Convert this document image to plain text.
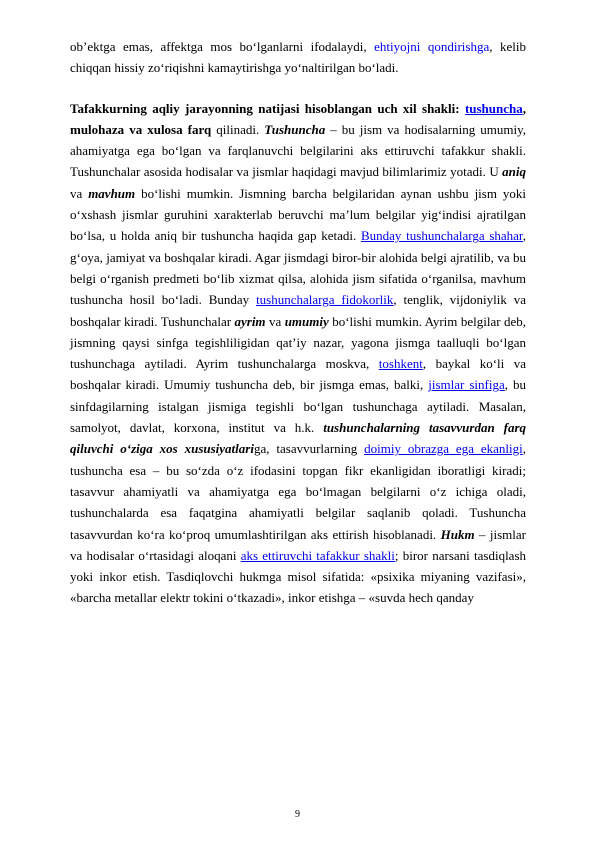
ob’ektga emas, affektga mos bo‘lganlarni ifodalaydi, ehtiyojni qondirishga, kelib chiqqan hissiy zo‘riqishni kamaytirishga yo‘naltirilgan bo‘ladi.

Tafakkurning aqliy jarayonning natijasi hisoblangan uch xil shakli: tushuncha, mulohaza va xulosa farq qilinadi. Tushuncha – bu jism va hodisalarning umumiy, ahamiyatga ega bo‘lgan va farqlanuvchi belgilarini aks ettiruvchi tafakkur shakli. Tushunchalar asosida hodisalar va jismlar haqidagi mavjud bilimlarimiz yotadi. U aniq va mavhum bo‘lishi mumkin. Jismning barcha belgilaridan aynan ushbu jism yoki o‘xshash jismlar guruhini xarakterlab beruvchi ma’lum belgilar yig‘indisi ajratilgan bo‘lsa, u holda aniq bir tushuncha haqida gap ketadi. Bunday tushunchalarga shahar, g‘oya, jamiyat va boshqalar kiradi. Agar jismdagi biror-bir alohida belgi ajratilib, va bu belgi o‘rganish predmeti bo‘lib xizmat qilsa, alohida jism sifatida o‘rganilsa, mavhum tushuncha hosil bo‘ladi. Bunday tushunchalarga fidokorlik, tenglik, vijdoniylik va boshqalar kiradi. Tushunchalar ayrim va umumiy bo‘lishi mumkin. Ayrim belgilar deb, jismning qaysi sinfga tegishliligidan qat’iy nazar, yagona jismga taalluqli bo‘lgan tushunchaga aytiladi. Ayrim tushunchalarga moskva, toshkent, baykal ko‘li va boshqalar kiradi. Umumiy tushuncha deb, bir jismga emas, balki, jismlar sinfiga, bu sinfdagilarning istalgan jismiga tegishli bo‘lgan tushunchaga aytiladi. Masalan, samolyot, davlat, korxona, institut va h.k. tushunchalarning tasavvurdan farq qiluvchi o‘ziga xos xususiyatlariga, tasavvurlarning doimiy obrazga ega ekanligi, tushuncha esa – bu so‘zda o‘z ifodasini topgan fikr ekanligidan iboratligi kiradi; tasavvur ahamiyatli va ahamiyatga ega bo‘lmagan belgilarni o‘z ichiga oladi, tushunchalarda esa faqatgina ahamiyatli belgilar saqlanib qoladi. Tushuncha tasavvurdan ko‘ra ko‘proq umumlashtirilgan aks ettirish hisoblanadi. Hukm – jismlar va hodisalar o‘rtasidagi aloqani aks ettiruvchi tafakkur shakli; biror narsani tasdiqlash yoki inkor etish. Tasdiqlovchi hukmga misol sifatida: «psixika miyaning vazifasi», «barcha metallar elektr tokini o‘tkazadi», inkor etishga – «suvda hech qanday

9
